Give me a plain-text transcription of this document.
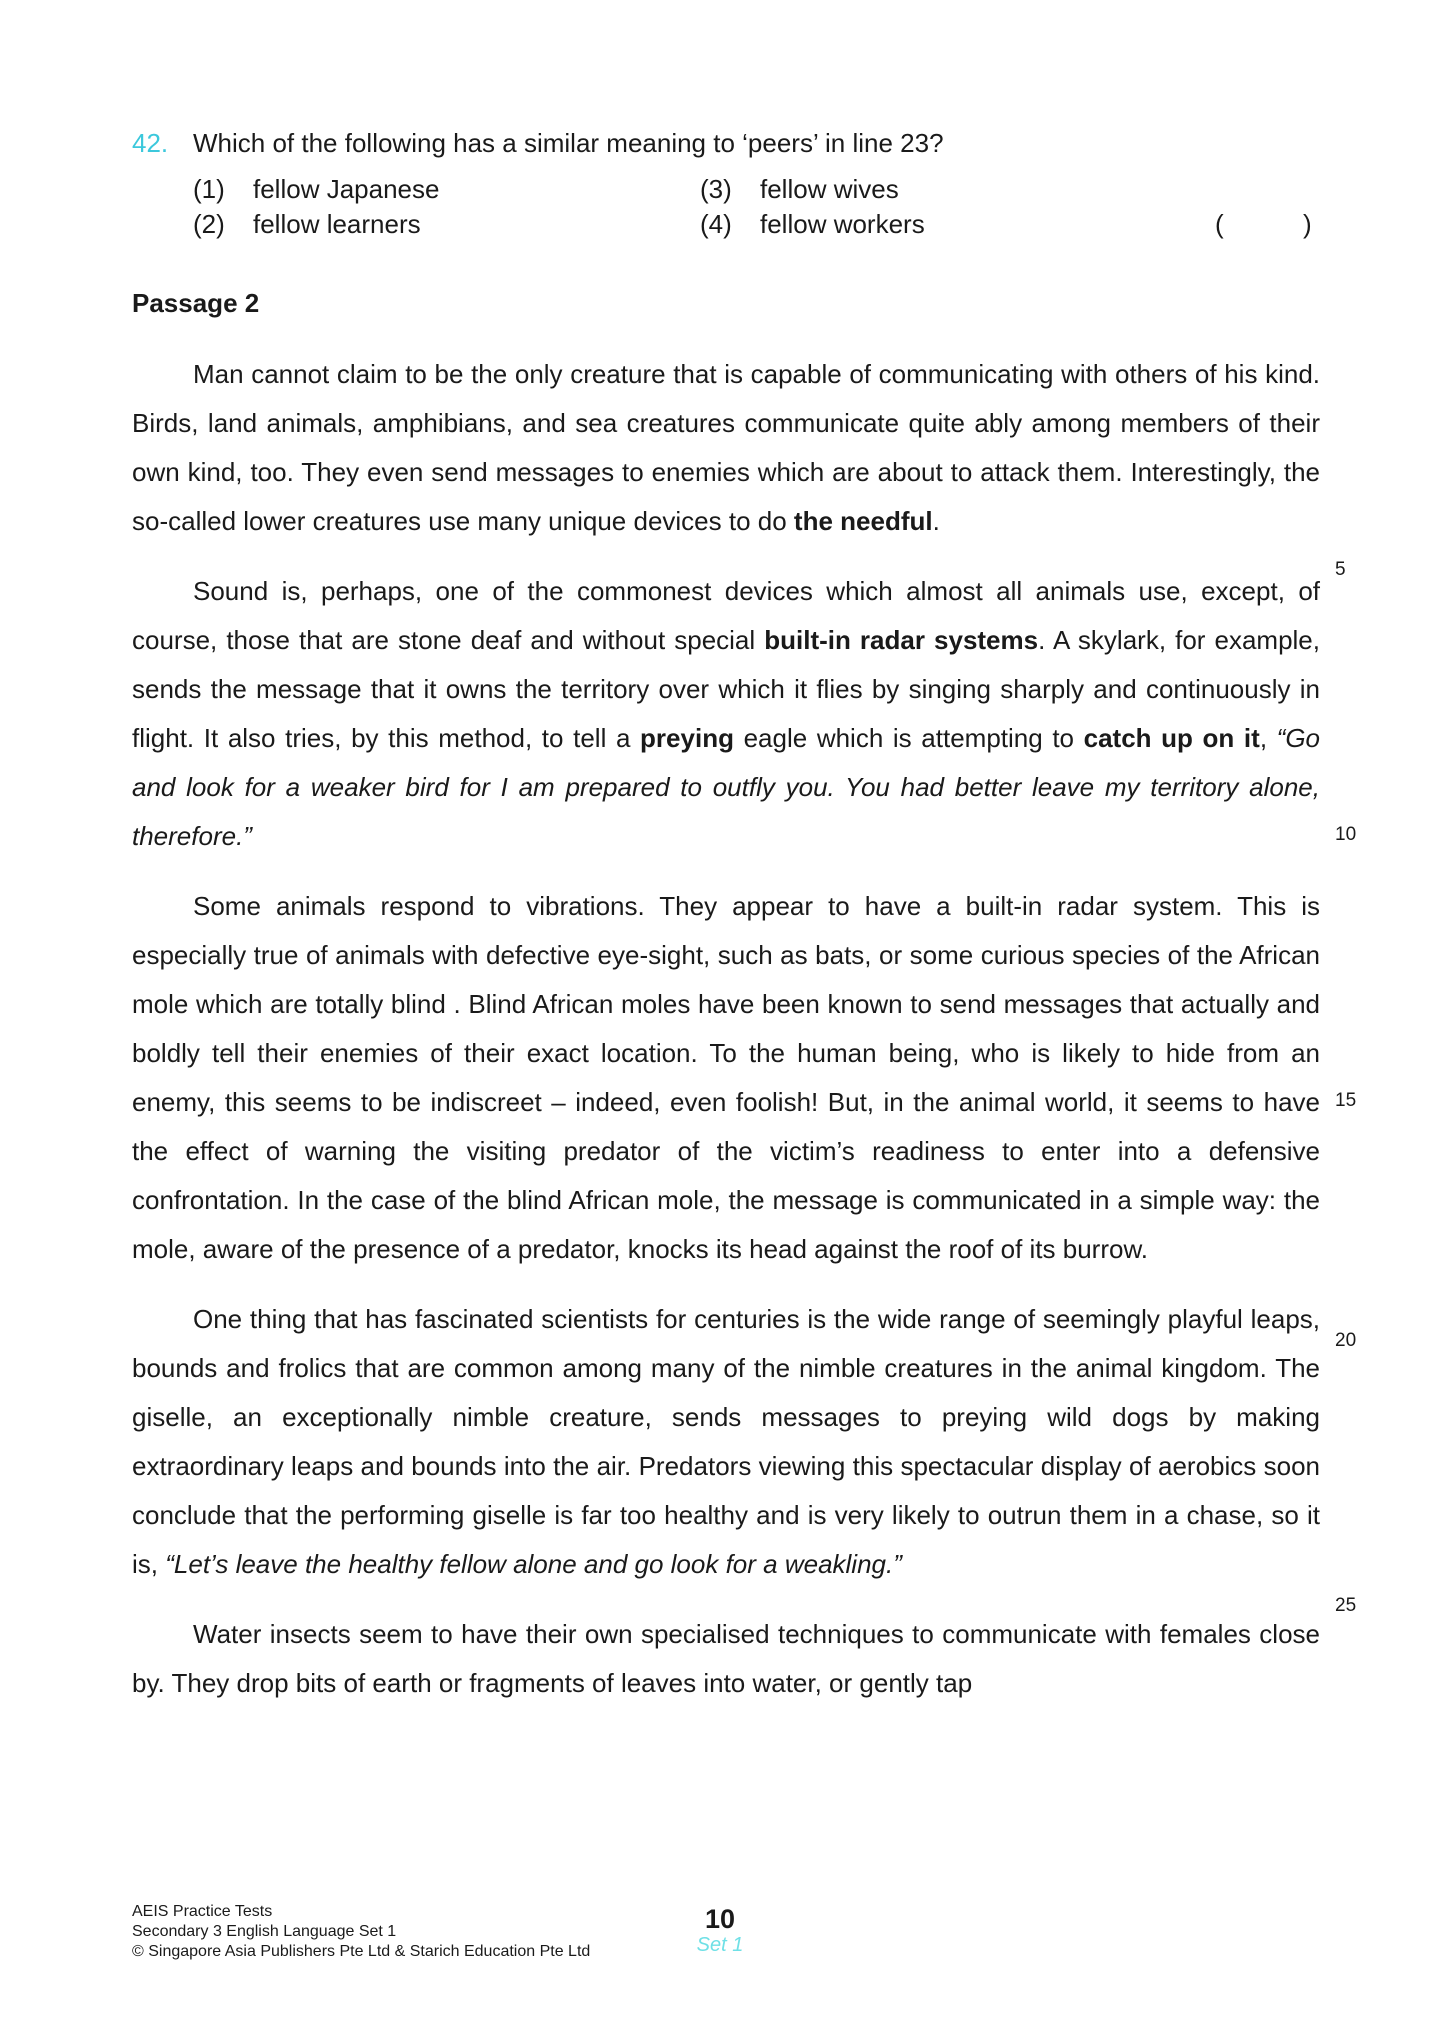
42. Which of the following has a similar meaning to ‘peers’ in line 23?
(1) fellow Japanese
(2) fellow learners
(3) fellow wives
(4) fellow workers	(	)
Passage 2

Man cannot claim to be the only creature that is capable of communicating with others of his kind. Birds, land animals, amphibians, and sea creatures communicate quite ably among members of their own kind, too. They even send messages to enemies which are about to attack them. Interestingly, the so-called lower creatures use many unique devices to do the needful.

Sound is, perhaps, one of the commonest devices which almost all animals use, except, of course, those that are stone deaf and without special built-in radar systems. A skylark, for example, sends the message that it owns the territory over which it flies by singing sharply and continuously in flight. It also tries, by this method, to tell a preying eagle which is attempting to catch up on it, “Go and look for a weaker bird for I am prepared to outfly you. You had better leave my territory alone, therefore.”

Some animals respond to vibrations. They appear to have a built-in radar system. This is especially true of animals with defective eye-sight, such as bats, or some curious species of the African mole which are totally blind . Blind African moles have been known to send messages that actually and boldly tell their enemies of their exact location. To the human being, who is likely to hide from an enemy, this seems to be indiscreet – indeed, even foolish! But, in the animal world, it seems to have the effect of warning the visiting predator of the victim’s readiness to enter into a defensive confrontation. In the case of the blind African mole, the message is communicated in a simple way: the mole, aware of the presence of a predator, knocks its head against the roof of its burrow.

One thing that has fascinated scientists for centuries is the wide range of seemingly playful leaps, bounds and frolics that are common among many of the nimble creatures in the animal kingdom. The giselle, an exceptionally nimble creature, sends messages to preying wild dogs by making extraordinary leaps and bounds into the air. Predators viewing this spectacular display of aerobics soon conclude that the performing giselle is far too healthy and is very likely to outrun them in a chase, so it is, “Let’s leave the healthy fellow alone and go look for a weakling.”

Water insects seem to have their own specialised techniques to communicate with females close by. They drop bits of earth or fragments of leaves into water, or gently tap

5
10
15
20
25
AEIS Practice Tests
Secondary 3 English Language Set 1
© Singapore Asia Publishers Pte Ltd & Starich Education Pte Ltd
10
Set 1
